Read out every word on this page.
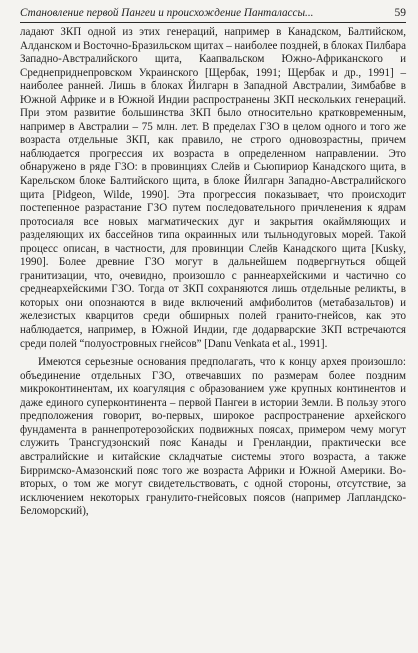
Становление первой Пангеи и происхождение Панталассы...	59

ладают ЗКП одной из этих генераций, например в Канадском, Балтийском, Алданском и Восточно-Бразильском щитах – наиболее поздней, в блоках Пилбара Западно-Австралийского щита, Каапвальском Южно-Африканского и Среднеприднепровском Украинского [Щербак, 1991; Щербак и др., 1991] – наиболее ранней. Лишь в блоках Йилгарн в Западной Австралии, Зимбабве в Южной Африке и в Южной Индии распространены ЗКП нескольких генераций. При этом развитие большинства ЗКП было относительно кратковременным, например в Австралии – 75 млн. лет. В пределах ГЗО в целом одного и того же возраста отдельные ЗКП, как правило, не строго одновозрастны, причем наблюдается прогрессия их возраста в определенном направлении. Это обнаружено в ряде ГЗО: в провинциях Слейв и Сьюпириор Канадского щита, в Карельском блоке Балтийского щита, в блоке Йилгарн Западно-Австралийского щита [Pidgeon, Wilde, 1990]. Эта прогрессия показывает, что происходит постепенное разрастание ГЗО путем последовательного причленения к ядрам протосиаля все новых магматических дуг и закрытия окаймляющих и разделяющих их бассейнов типа окраинных или тыльнодуговых морей. Такой процесс описан, в частности, для провинции Слейв Канадского щита [Kusky, 1990]. Более древние ГЗО могут в дальнейшем подвергнуться общей гранитизации, что, очевидно, произошло с раннеархейскими и частично со среднеархейскими ГЗО. Тогда от ЗКП сохраняются лишь отдельные реликты, в которых они опознаются в виде включений амфиболитов (метабазальтов) и железистых кварцитов среди обширных полей гранито-гнейсов, как это наблюдается, например, в Южной Индии, где додарварские ЗКП встречаются среди полей “полуостровных гнейсов” [Danu Venkata et al., 1991].

Имеются серьезные основания предполагать, что к концу архея произошло: объединение отдельных ГЗО, отвечавших по размерам более поздним микроконтинентам, их коагуляция с образованием уже крупных континентов и даже единого суперконтинента – первой Пангеи в истории Земли. В пользу этого предположения говорит, во-первых, широкое распространение архейского фундамента в раннепротерозойских подвижных поясах, примером чему могут служить Трансгудзонский пояс Канады и Гренландии, практически все австралийские и китайские складчатые системы этого возраста, а также Бирримско-Амазонский пояс того же возраста Африки и Южной Америки. Во-вторых, о том же могут свидетельствовать, с одной стороны, отсутствие, за исключением некоторых гранулито-гнейсовых поясов (например Лапландско-Беломорский),
